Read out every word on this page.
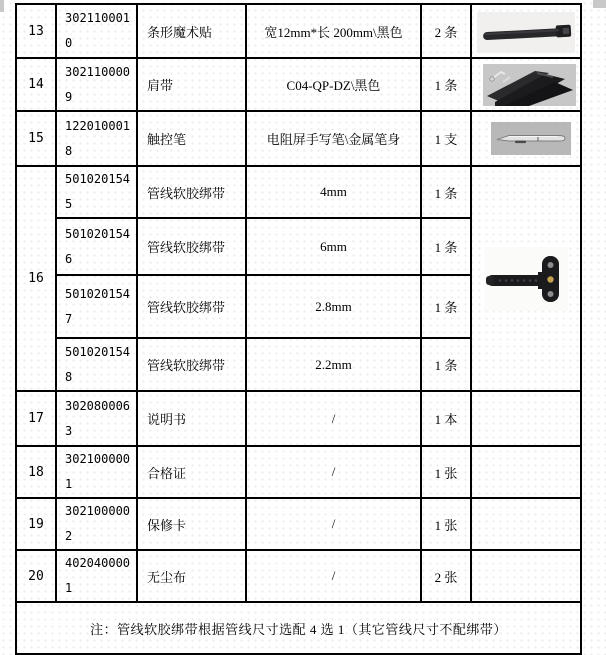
13	3021100010	条形魔术贴	宽12mm*长 200mm\黑色	2 条	

14	3021100009	肩带	C04-QP-DZ\黑色	1 条	

15	1220100018	触控笔	电阻屏手写笔\金属笔身	1 支	

16	5010201545	管线软胶绑带	4mm	1 条	

	5010201546	管线软胶绑带	6mm	1 条	
	5010201547	管线软胶绑带	2.8mm	1 条	
	5010201548	管线软胶绑带	2.2mm	1 条	
17	3020800063	说明书	/	1 本	
18	3021000001	合格证	/	1 张	
19	3021000002	保修卡	/	1 张	
20	4020400001	无尘布	/	2 张	
注：管线软胶绑带根据管线尺寸选配 4 选 1（其它管线尺寸不配绑带）					
